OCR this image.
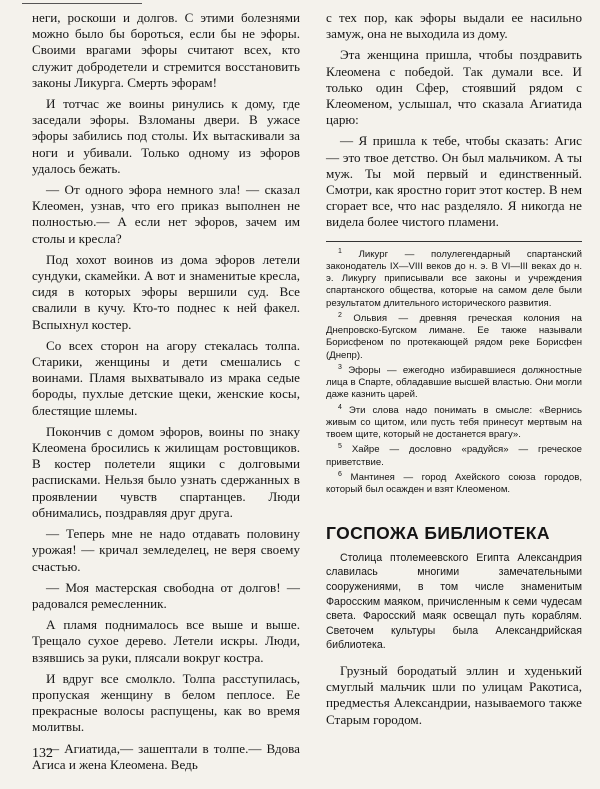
неги, роскоши и долгов. С этими болезнями можно было бы бороться, если бы не эфоры. Своими врагами эфоры считают всех, кто служит добродетели и стремится восстановить законы Ликурга. Смерть эфорам!

И тотчас же воины ринулись к дому, где заседали эфоры. Взломаны двери. В ужасе эфоры забились под столы. Их вытаскивали за ноги и убивали. Только одному из эфоров удалось бежать.

— От одного эфора немного зла! — сказал Клеомен, узнав, что его приказ выполнен не полностью.— А если нет эфоров, зачем им столы и кресла?

Под хохот воинов из дома эфоров летели сундуки, скамейки. А вот и знаменитые кресла, сидя в которых эфоры вершили суд. Все свалили в кучу. Кто-то поднес к ней факел. Вспыхнул костер.

Со всех сторон на агору стекалась толпа. Старики, женщины и дети смешались с воинами. Пламя выхватывало из мрака седые бороды, пухлые детские щеки, женские косы, блестящие шлемы.

Покончив с домом эфоров, воины по знаку Клеомена бросились к жилищам ростовщиков. В костер полетели ящики с долговыми расписками. Нельзя было узнать сдержанных в проявлении чувств спартанцев. Люди обнимались, поздравляя друг друга.

— Теперь мне не надо отдавать половину урожая! — кричал земледелец, не веря своему счастью.

— Моя мастерская свободна от долгов! — радовался ремесленник.

А пламя поднималось все выше и выше. Трещало сухое дерево. Летели искры. Люди, взявшись за руки, плясали вокруг костра.

И вдруг все смолкло. Толпа расступилась, пропуская женщину в белом пеплосе. Ее прекрасные волосы распущены, как во время молитвы.

— Агиатида,— зашептали в толпе.— Вдова Агиса и жена Клеомена. Ведь

с тех пор, как эфоры выдали ее насильно замуж, она не выходила из дому.

Эта женщина пришла, чтобы поздравить Клеомена с победой. Так думали все. И только один Сфер, стоявший рядом с Клеоменом, услышал, что сказала Агиатида царю:

— Я пришла к тебе, чтобы сказать: Агис — это твое детство. Он был мальчиком. А ты муж. Ты мой первый и единственный. Смотри, как яростно горит этот костер. В нем сгорает все, что нас разделяло. Я никогда не видела более чистого пламени.

$^1$ Ликург — полулегендарный спартанский законодатель IX—VIII веков до н. э. В VI—III веках до н. э. Ликургу приписывали все законы и учреждения спартанского общества, которые на самом деле были результатом длительного исторического развития.

$^2$ Ольвия — древняя греческая колония на Днепровско-Бугском лимане. Ее также называли Борисфеном по протекающей рядом реке Борисфен (Днепр).

$^3$ Эфоры — ежегодно избиравшиеся должностные лица в Спарте, обладавшие высшей властью. Они могли даже казнить царей.

$^4$ Эти слова надо понимать в смысле: «Вернись живым со щитом, или пусть тебя принесут мертвым на твоем щите, который не достанется врагу».

$^5$ Хайре — дословно «радуйся» — греческое приветствие.

$^6$ Мантинея — город Ахейского союза городов, который был осажден и взят Клеоменом.

ГОСПОЖА БИБЛИОТЕКА

Столица птолемеевского Египта Александрия славилась многими замечательными сооружениями, в том числе знаменитым Фаросским маяком, причисленным к семи чудесам света. Фаросский маяк освещал путь кораблям. Светочем культуры была Александрийская библиотека.

Грузный бородатый эллин и худенький смуглый мальчик шли по улицам Ракотиса, предместья Александрии, называемого также Старым городом.

132
